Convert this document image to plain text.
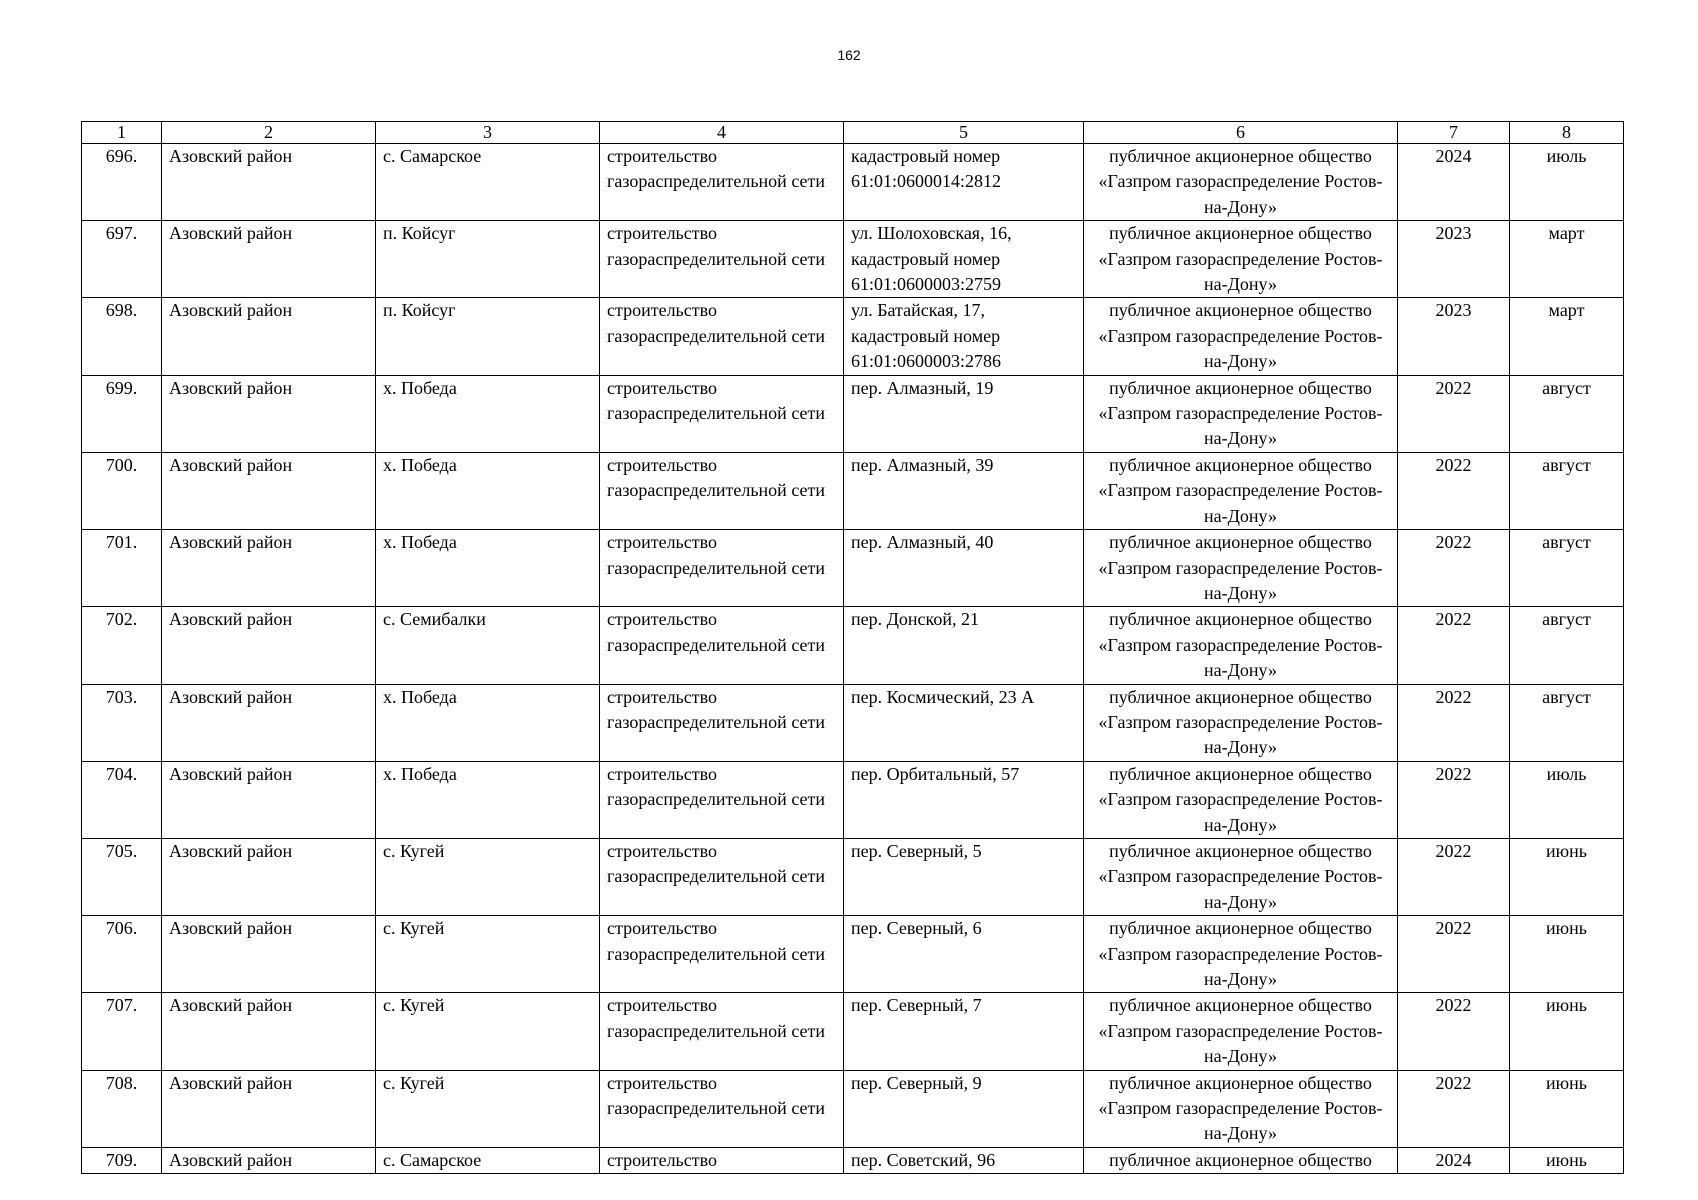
162
1	2	3	4	5	6	7	8
696.	Азовский район	с. Самарское	строительство газораспределительной сети	кадастровый номер 61:01:0600014:2812	публичное акционерное общество «Газпром газораспределение Ростов-на-Дону»	2024	июль
697.	Азовский район	п. Койсуг	строительство газораспределительной сети	ул. Шолоховская, 16, кадастровый номер 61:01:0600003:2759	публичное акционерное общество «Газпром газораспределение Ростов-на-Дону»	2023	март
698.	Азовский район	п. Койсуг	строительство газораспределительной сети	ул. Батайская, 17, кадастровый номер 61:01:0600003:2786	публичное акционерное общество «Газпром газораспределение Ростов-на-Дону»	2023	март
699.	Азовский район	х. Победа	строительство газораспределительной сети	пер. Алмазный, 19	публичное акционерное общество «Газпром газораспределение Ростов-на-Дону»	2022	август
700.	Азовский район	х. Победа	строительство газораспределительной сети	пер. Алмазный, 39	публичное акционерное общество «Газпром газораспределение Ростов-на-Дону»	2022	август
701.	Азовский район	х. Победа	строительство газораспределительной сети	пер. Алмазный, 40	публичное акционерное общество «Газпром газораспределение Ростов-на-Дону»	2022	август
702.	Азовский район	с. Семибалки	строительство газораспределительной сети	пер. Донской, 21	публичное акционерное общество «Газпром газораспределение Ростов-на-Дону»	2022	август
703.	Азовский район	х. Победа	строительство газораспределительной сети	пер. Космический, 23 А	публичное акционерное общество «Газпром газораспределение Ростов-на-Дону»	2022	август
704.	Азовский район	х. Победа	строительство газораспределительной сети	пер. Орбитальный, 57	публичное акционерное общество «Газпром газораспределение Ростов-на-Дону»	2022	июль
705.	Азовский район	с. Кугей	строительство газораспределительной сети	пер. Северный, 5	публичное акционерное общество «Газпром газораспределение Ростов-на-Дону»	2022	июнь
706.	Азовский район	с. Кугей	строительство газораспределительной сети	пер. Северный, 6	публичное акционерное общество «Газпром газораспределение Ростов-на-Дону»	2022	июнь
707.	Азовский район	с. Кугей	строительство газораспределительной сети	пер. Северный, 7	публичное акционерное общество «Газпром газораспределение Ростов-на-Дону»	2022	июнь
708.	Азовский район	с. Кугей	строительство газораспределительной сети	пер. Северный, 9	публичное акционерное общество «Газпром газораспределение Ростов-на-Дону»	2022	июнь
709.	Азовский район	с. Самарское	строительство	пер. Советский, 96	публичное акционерное общество	2024	июнь
